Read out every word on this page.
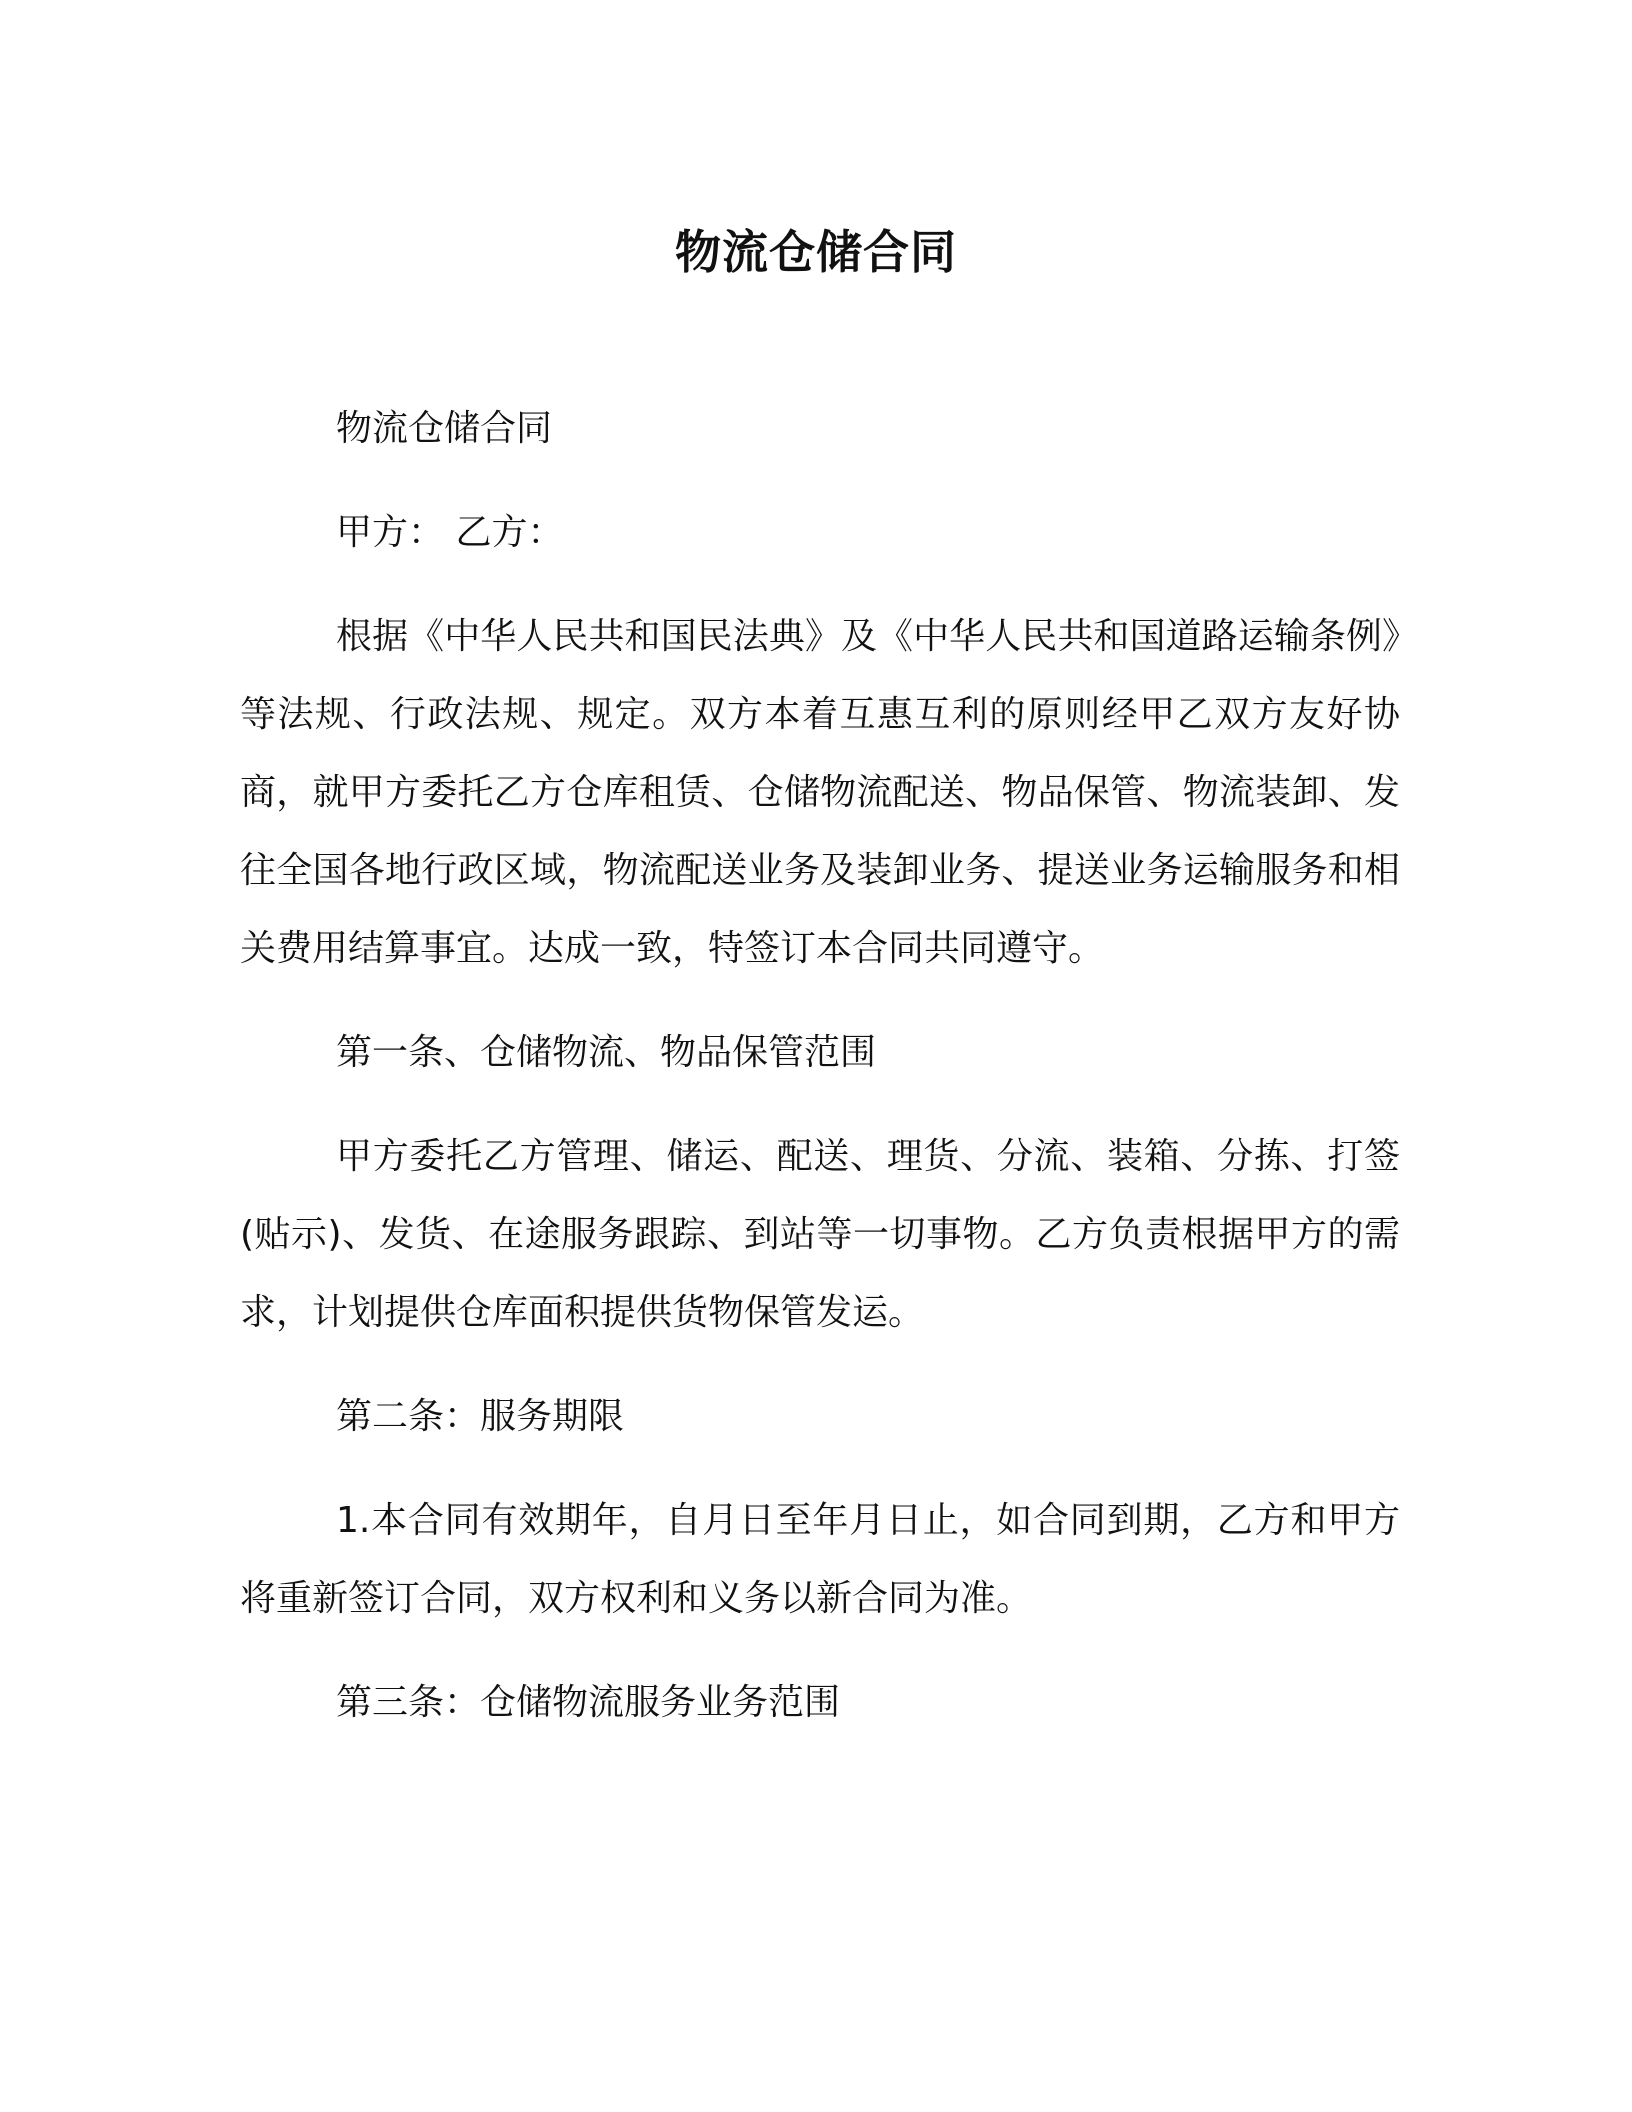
物流仓储合同

物流仓储合同

甲方： 乙方：

根据《中华人民共和国民法典》及《中华人民共和国道路运输条例》等法规、行政法规、规定。双方本着互惠互利的原则经甲乙双方友好协商，就甲方委托乙方仓库租赁、仓储物流配送、物品保管、物流装卸、发往全国各地行政区域，物流配送业务及装卸业务、提送业务运输服务和相关费用结算事宜。达成一致，特签订本合同共同遵守。

第一条、仓储物流、物品保管范围

甲方委托乙方管理、储运、配送、理货、分流、装箱、分拣、打签(贴示)、发货、在途服务跟踪、到站等一切事物。乙方负责根据甲方的需求，计划提供仓库面积提供货物保管发运。

第二条：服务期限

1.本合同有效期年，自月日至年月日止，如合同到期，乙方和甲方将重新签订合同，双方权利和义务以新合同为准。

第三条：仓储物流服务业务范围
